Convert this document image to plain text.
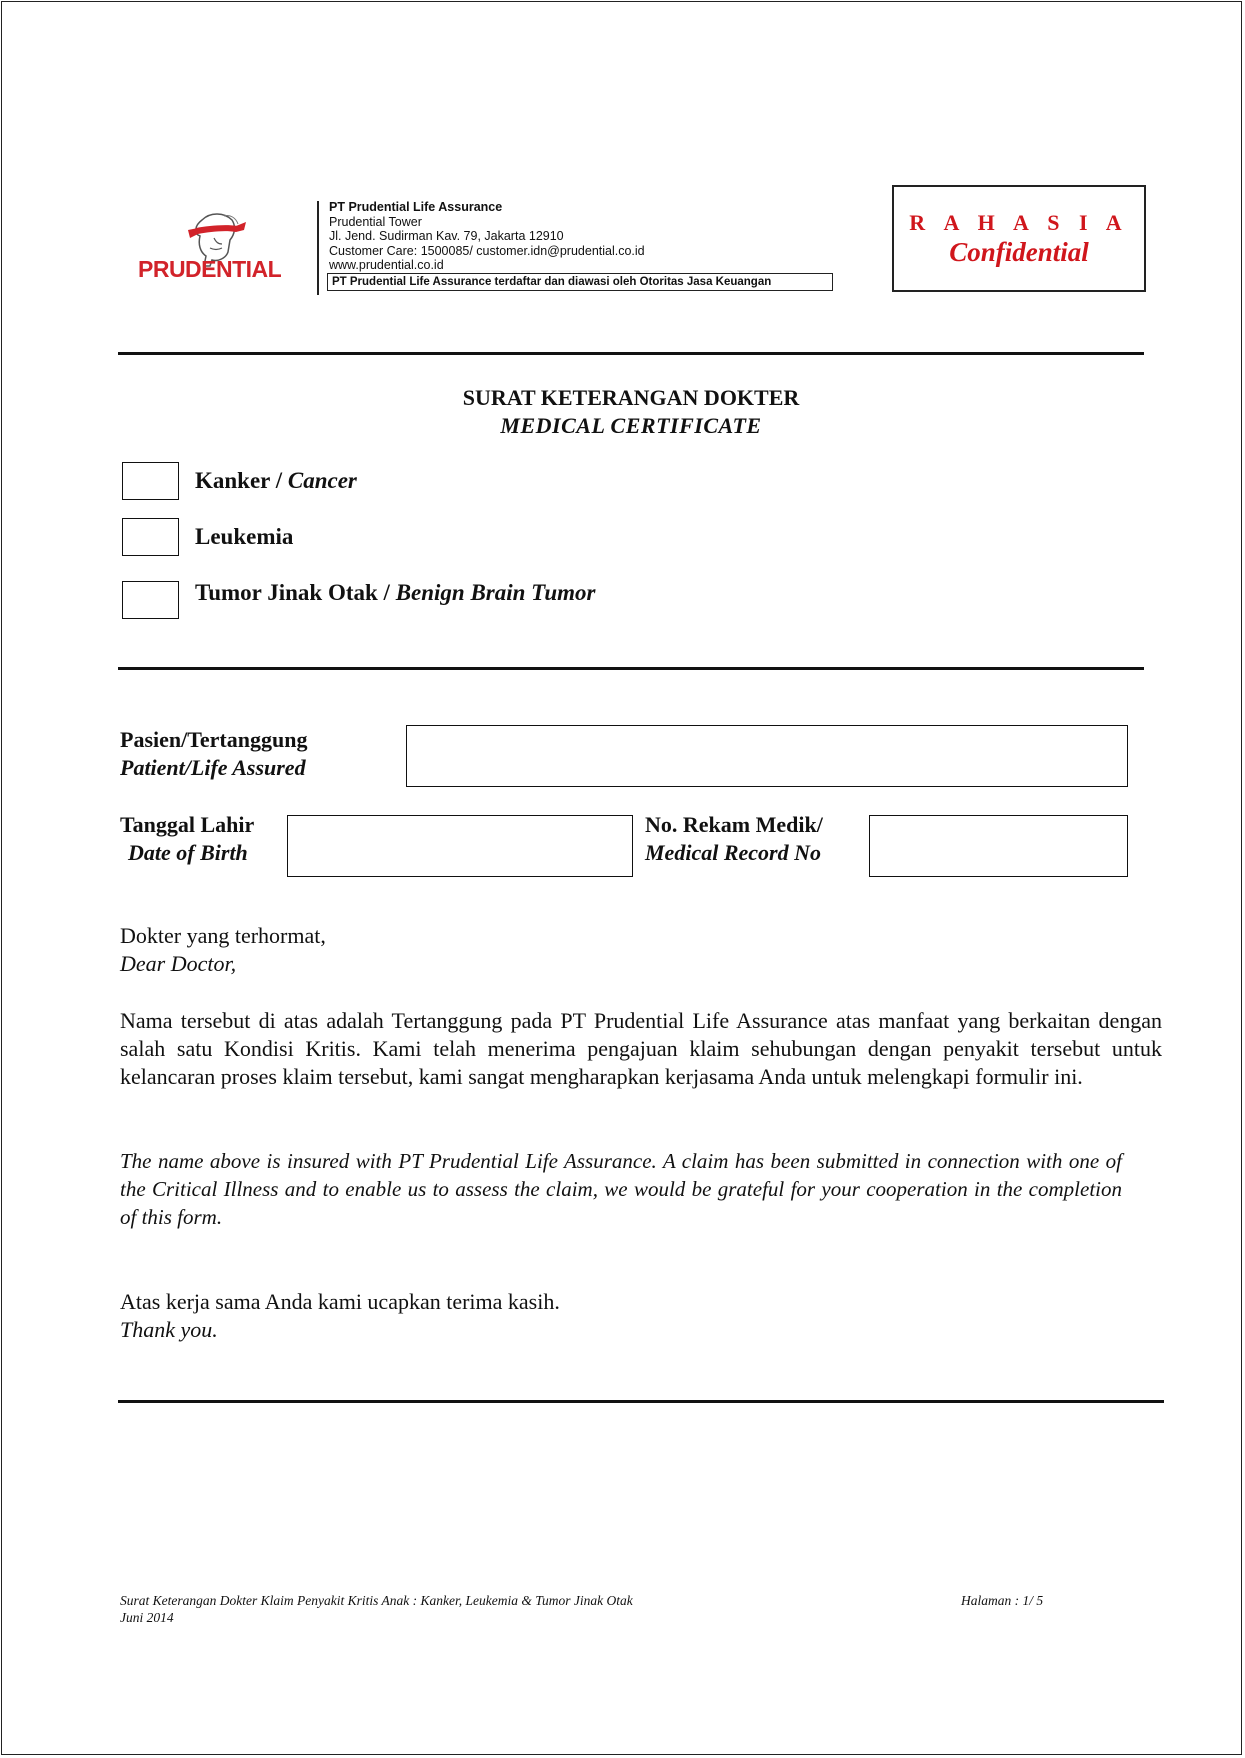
PRUDENTIAL
PT Prudential Life Assurance
Prudential Tower
Jl. Jend. Sudirman Kav. 79, Jakarta 12910
Customer Care: 1500085/ customer.idn@prudential.co.id
www.prudential.co.id
PT Prudential Life Assurance terdaftar dan diawasi oleh Otoritas Jasa Keuangan
R A H A S I A
Confidential
SURAT KETERANGAN DOKTER
MEDICAL CERTIFICATE
Kanker / Cancer
Leukemia
Tumor Jinak Otak / Benign Brain Tumor
Pasien/Tertanggung
Patient/Life Assured
Tanggal Lahir
Date of Birth
No. Rekam Medik/
Medical Record No
Dokter yang terhormat,
Dear Doctor,
Nama tersebut di atas adalah Tertanggung pada PT Prudential Life Assurance atas manfaat yang berkaitan dengan salah satu Kondisi Kritis. Kami telah menerima pengajuan klaim sehubungan dengan penyakit tersebut untuk kelancaran proses klaim tersebut, kami sangat mengharapkan kerjasama Anda untuk melengkapi formulir ini.
The name above is insured with PT Prudential Life Assurance. A claim has been submitted in connection with one of the Critical Illness and to enable us to assess the claim, we would be grateful for your cooperation in the completion of this form.
Atas kerja sama Anda kami ucapkan terima kasih.
Thank you.
Surat Keterangan Dokter Klaim Penyakit Kritis Anak : Kanker, Leukemia & Tumor Jinak Otak
Juni 2014
Halaman : 1/ 5
